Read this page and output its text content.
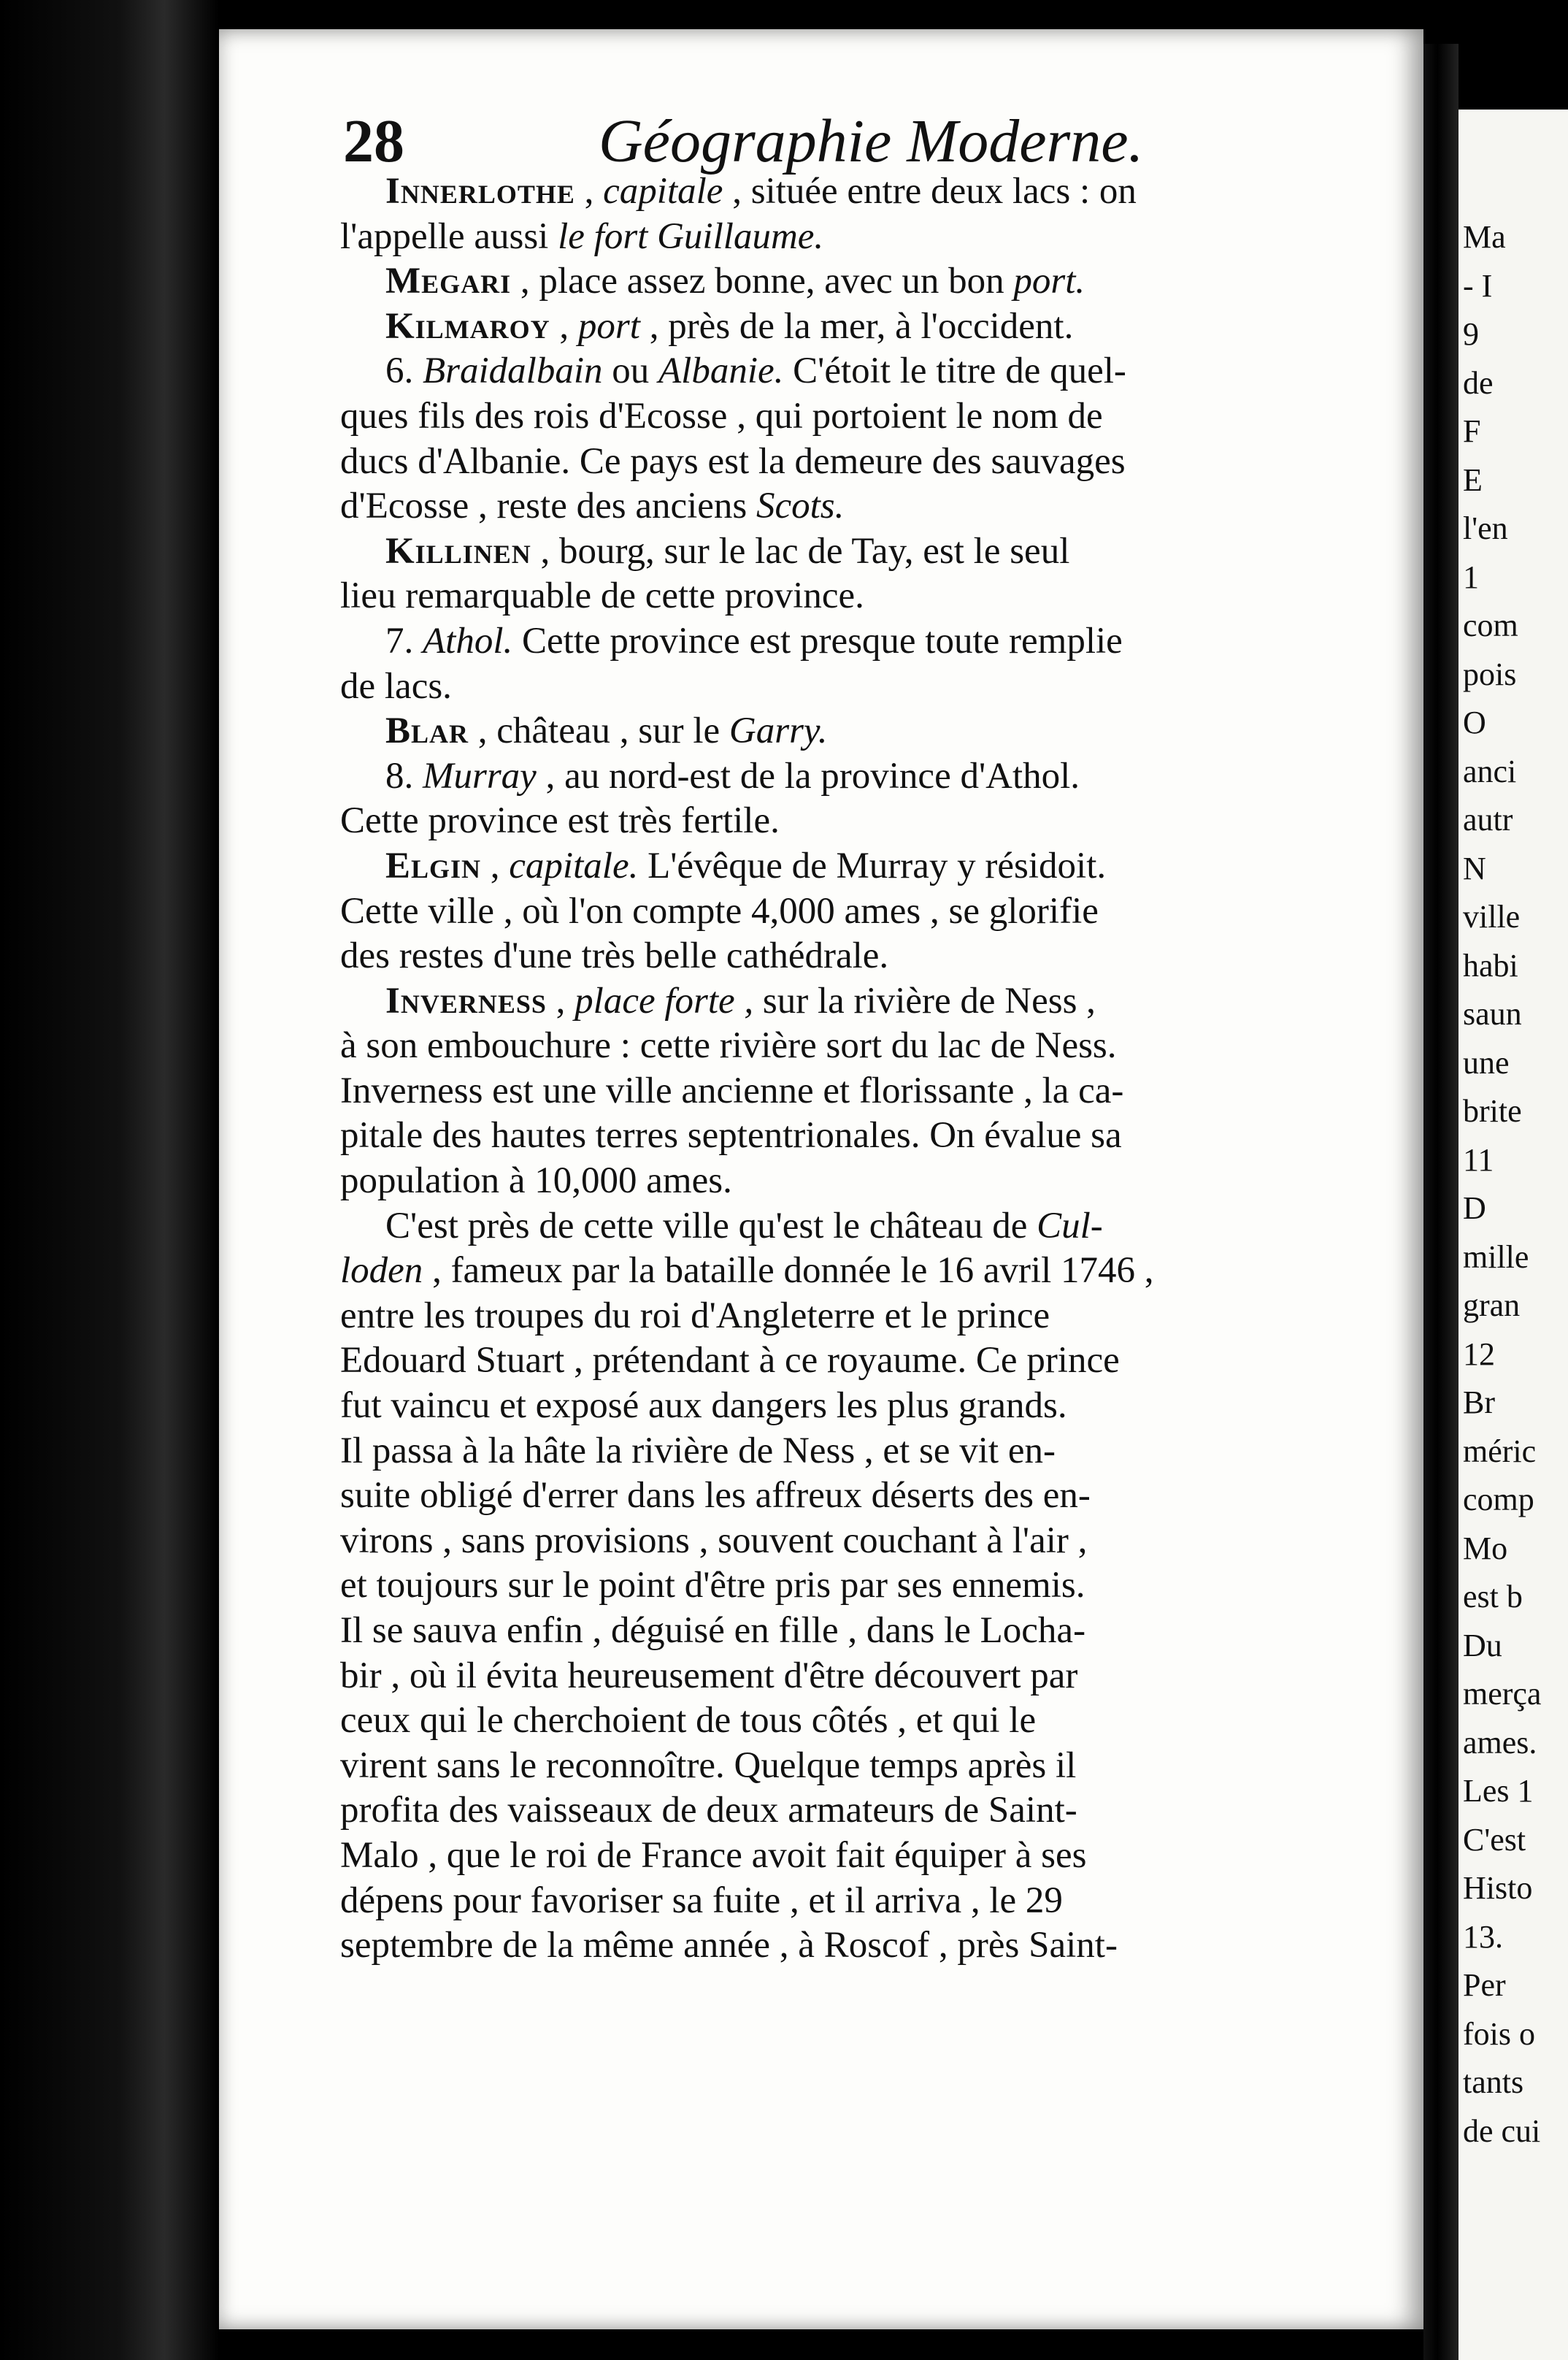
28	Géographie Moderne.
Innerlothe , capitale , située entre deux lacs : on
l'appelle aussi le fort Guillaume.
Megari , place assez bonne, avec un bon port.
Kilmaroy , port , près de la mer, à l'occident.
6. Braidalbain ou Albanie. C'étoit le titre de quel-
ques fils des rois d'Ecosse , qui portoient le nom de
ducs d'Albanie. Ce pays est la demeure des sauvages
d'Ecosse , reste des anciens Scots.
Killinen , bourg, sur le lac de Tay, est le seul
lieu remarquable de cette province.
7. Athol. Cette province est presque toute remplie
de lacs.
Blar , château , sur le Garry.
8. Murray , au nord-est de la province d'Athol.
Cette province est très fertile.
Elgin , capitale. L'évêque de Murray y résidoit.
Cette ville , où l'on compte 4,000 ames , se glorifie
des restes d'une très belle cathédrale.
Inverness , place forte , sur la rivière de Ness ,
à son embouchure : cette rivière sort du lac de Ness.
Inverness est une ville ancienne et florissante , la ca-
pitale des hautes terres septentrionales. On évalue sa
population à 10,000 ames.
C'est près de cette ville qu'est le château de Cul-
loden , fameux par la bataille donnée le 16 avril 1746 ,
entre les troupes du roi d'Angleterre et le prince
Edouard Stuart , prétendant à ce royaume. Ce prince
fut vaincu et exposé aux dangers les plus grands.
Il passa à la hâte la rivière de Ness , et se vit en-
suite obligé d'errer dans les affreux déserts des en-
virons , sans provisions , souvent couchant à l'air ,
et toujours sur le point d'être pris par ses ennemis.
Il se sauva enfin , déguisé en fille , dans le Locha-
bir , où il évita heureusement d'être découvert par
ceux qui le cherchoient de tous côtés , et qui le
virent sans le reconnoître. Quelque temps après il
profita des vaisseaux de deux armateurs de Saint-
Malo , que le roi de France avoit fait équiper à ses
dépens pour favoriser sa fuite , et il arriva , le 29
septembre de la même année , à Roscof , près Saint-
Ma
- I
9
de
F
E
l'en
1
com
pois
O
anci
autr
N
ville
habi
saun
une
brite
11
D
mille
gran
12
Br
méric
comp
Mo
est b
Du
merça
ames.
Les 1
C'est
Histo
13.
Per
fois o
tants
de cui
